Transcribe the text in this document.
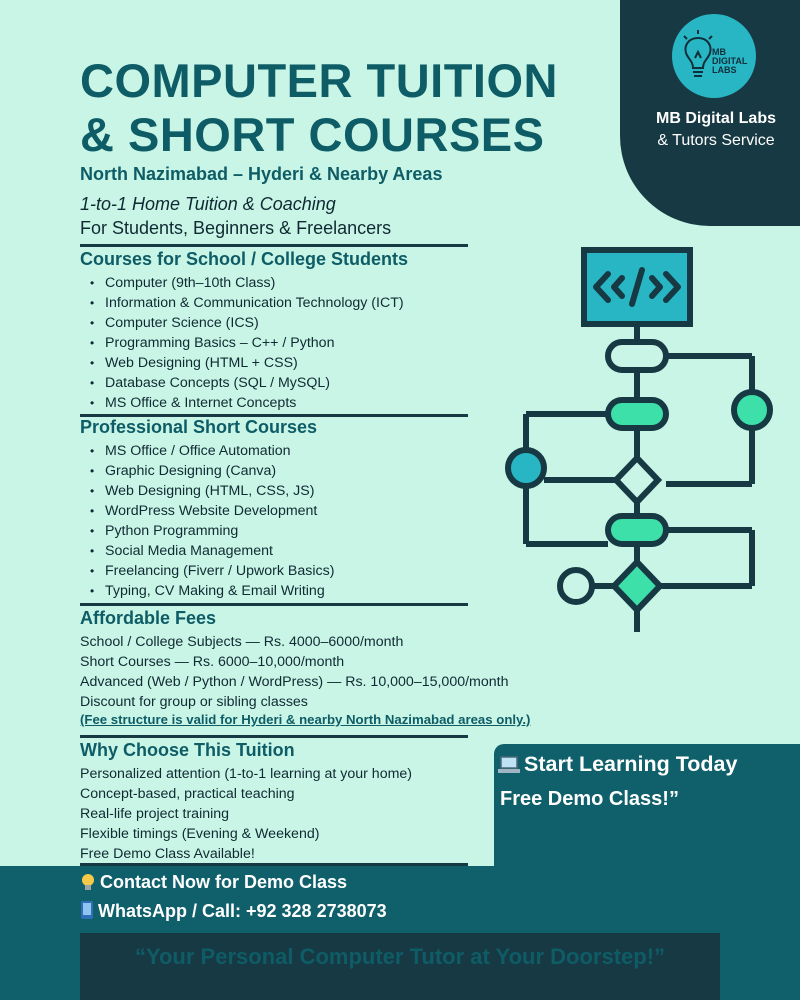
COMPUTER TUITION
& SHORT COURSES
MB
DIGITAL
LABS
MB Digital Labs
& Tutors Service
North Nazimabad – Hyderi & Nearby Areas
1-to-1 Home Tuition & Coaching
For Students, Beginners & Freelancers
Courses for School / College Students
• Computer (9th–10th Class)
• Information & Communication Technology (ICT)
• Computer Science (ICS)
• Programming Basics – C++ / Python
• Web Designing (HTML + CSS)
• Database Concepts (SQL / MySQL)
• MS Office & Internet Concepts
Professional Short Courses
• MS Office / Office Automation
• Graphic Designing (Canva)
• Web Designing (HTML, CSS, JS)
• WordPress Website Development
• Python Programming
• Social Media Management
• Freelancing (Fiverr / Upwork Basics)
• Typing, CV Making & Email Writing
Affordable Fees
School / College Subjects — Rs. 4000–6000/month
Short Courses — Rs. 6000–10,000/month
Advanced (Web / Python / WordPress) — Rs. 10,000–15,000/month
Discount for group or sibling classes
(Fee structure is valid for Hyderi & nearby North Nazimabad areas only.)
Why Choose This Tuition
Personalized attention (1-to-1 learning at your home)
Concept-based, practical teaching
Real-life project training
Flexible timings (Evening & Weekend)
Free Demo Class Available!
Start Learning Today
Free Demo Class!”
Contact Now for Demo Class
WhatsApp / Call: +92 328 2738073
“Your Personal Computer Tutor at Your Doorstep!”
